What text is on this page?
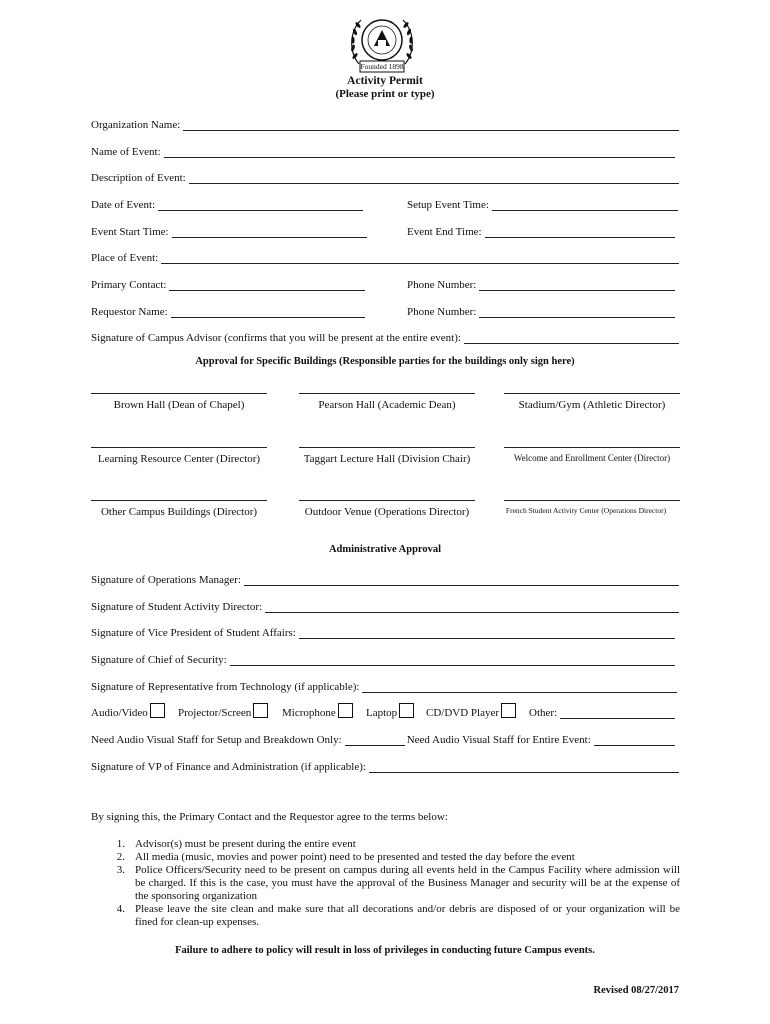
Founded 1898
Activity Permit
(Please print or type)
Organization Name:
Name of Event:
Description of Event:
Date of Event:	Setup Event Time:
Event Start Time:	Event End Time:
Place of Event:
Primary Contact:	Phone Number:
Requestor Name:	Phone Number:
Signature of Campus Advisor (confirms that you will be present at the entire event):
Approval for Specific Buildings (Responsible parties for the buildings only sign here)
Brown Hall (Dean of Chapel)	Pearson Hall (Academic Dean)	Stadium/Gym (Athletic Director)
Learning Resource Center (Director)	Taggart Lecture Hall (Division Chair)	Welcome and Enrollment Center (Director)
Other Campus Buildings (Director)	Outdoor Venue (Operations Director)	French Student Activity Center (Operations Director)
Administrative Approval
Signature of Operations Manager:
Signature of Student Activity Director:
Signature of Vice President of Student Affairs:
Signature of Chief of Security:
Signature of Representative from Technology (if applicable):
Audio/Video	Projector/Screen	Microphone	Laptop	CD/DVD Player	Other:
Need Audio Visual Staff for Setup and Breakdown Only:	Need Audio Visual Staff for Entire Event:
Signature of VP of Finance and Administration (if applicable):
By signing this, the Primary Contact and the Requestor agree to the terms below:
1. Advisor(s) must be present during the entire event
2. All media (music, movies and power point) need to be presented and tested the day before the event
3. Police Officers/Security need to be present on campus during all events held in the Campus Facility where admission will be charged. If this is the case, you must have the approval of the Business Manager and security will be at the expense of the sponsoring organization
4. Please leave the site clean and make sure that all decorations and/or debris are disposed of or your organization will be fined for clean-up expenses.
Failure to adhere to policy will result in loss of privileges in conducting future Campus events.
Revised 08/27/2017
